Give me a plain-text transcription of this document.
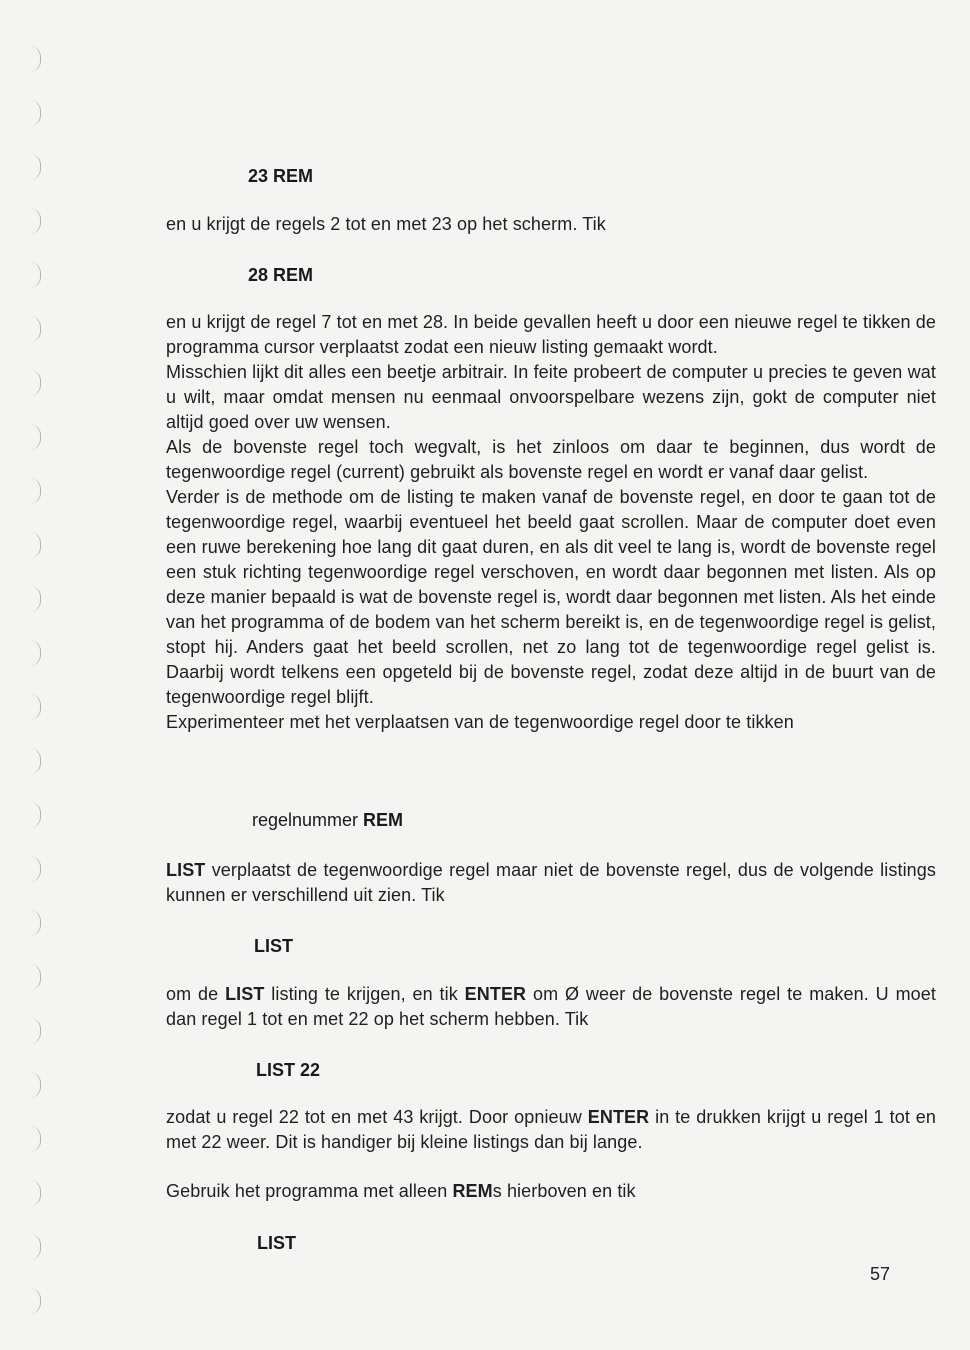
23 REM

en u krijgt de regels 2 tot en met 23 op het scherm. Tik

28 REM

en u krijgt de regel 7 tot en met 28. In beide gevallen heeft u door een nieuwe regel te tikken de programma cursor verplaatst zodat een nieuw listing gemaakt wordt.

Misschien lijkt dit alles een beetje arbitrair. In feite probeert de computer u precies te geven wat u wilt, maar omdat mensen nu eenmaal onvoorspelbare wezens zijn, gokt de computer niet altijd goed over uw wensen.

Als de bovenste regel toch wegvalt, is het zinloos om daar te beginnen, dus wordt de tegenwoordige regel (current) gebruikt als bovenste regel en wordt er vanaf daar gelist.

Verder is de methode om de listing te maken vanaf de bovenste regel, en door te gaan tot de tegenwoordige regel, waarbij eventueel het beeld gaat scrollen. Maar de computer doet even een ruwe berekening hoe lang dit gaat duren, en als dit veel te lang is, wordt de bovenste regel een stuk richting tegenwoordige regel verschoven, en wordt daar begonnen met listen. Als op deze manier bepaald is wat de bovenste regel is, wordt daar begonnen met listen. Als het einde van het programma of de bodem van het scherm bereikt is, en de tegenwoordige regel is gelist, stopt hij. Anders gaat het beeld scrollen, net zo lang tot de tegenwoordige regel gelist is. Daarbij wordt telkens een opgeteld bij de bovenste regel, zodat deze altijd in de buurt van de tegenwoordige regel blijft.

Experimenteer met het verplaatsen van de tegenwoordige regel door te tikken

regelnummer REM

LIST verplaatst de tegenwoordige regel maar niet de bovenste regel, dus de volgende listings kunnen er verschillend uit zien. Tik

LIST

om de LIST listing te krijgen, en tik ENTER om Ø weer de bovenste regel te maken. U moet dan regel 1 tot en met 22 op het scherm hebben. Tik

LIST 22

zodat u regel 22 tot en met 43 krijgt. Door opnieuw ENTER in te drukken krijgt u regel 1 tot en met 22 weer. Dit is handiger bij kleine listings dan bij lange.

Gebruik het programma met alleen REMs hierboven en tik

LIST
57
